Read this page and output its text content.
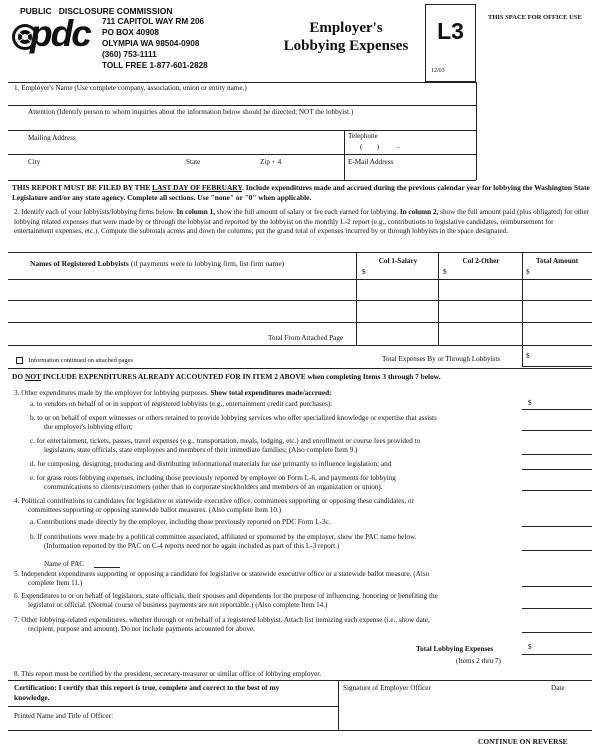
pdc
PUBLIC   DISCLOSURE COMMISSION
711 CAPITOL WAY RM 206
PO BOX 40908
OLYMPIA WA 98504-0908
(360) 753-1111
TOLL FREE 1-877-601-2828
Employer's
Lobbying Expenses
L3
12/03
THIS SPACE FOR OFFICE USE
1. Employer's Name (Use complete company, association, union or entity name.)
Attention (Identify person to whom inquiries about the information below should be directed; NOT the lobbyist.)
Mailing Address	Telephone
(        )          -
City	State	Zip + 4	E-Mail Address
THIS REPORT MUST BE FILED BY THE LAST DAY OF FEBRUARY. Include expenditures made and accrued during the previous calendar year for lobbying the Washington State Legislature and/or any state agency. Complete all sections. Use "none" or "0" when applicable.
2. Identify each of your lobbyists/lobbying firms below. In column 1, show the full amount of salary or fee each earned for lobbying. In column 2, show the full amount paid (plus obligated) for other lobbying related expenses that were made by or through the lobbyist and reported by the lobbyist on the monthly L-2 report (e.g., contributions to legislative candidates, reimbursement for entertainment expenses, etc.). Compute the subtotals across and down the columns; put the grand total of expenses incurred by or through lobbyists in the space designated.
Names of Registered Lobbyists (if payments were to lobbying firm, list firm name)	Col 1-Salary	Col 2-Other	Total Amount
$	$	$
Total From Attached Page
Information continued on attached pages	Total Expenses By or Through Lobbyists	$
DO NOT INCLUDE EXPENDITURES ALREADY ACCOUNTED FOR IN ITEM 2 ABOVE when completing Items 3 through 7 below.
3. Other expenditures made by the employer for lobbying purposes. Show total expenditures made/accrued:
a. to vendors on behalf of or in support of registered lobbyists (e.g., entertainment credit card purchases);	$
b. to or on behalf of expert witnesses or others retained to provide lobbying services who offer specialized knowledge or expertise that assists
the employer's lobbying effort;
c. for entertainment, tickets, passes, travel expenses (e.g., transportation, meals, lodging, etc.) and enrollment or course fees provided to
legislators, state officials, state employees and members of their immediate families; (Also complete Item 9.)
d. for composing, designing, producing and distributing informational materials for use primarily to influence legislation; and
e. for grass roots lobbying expenses, including those previously reported by employer on Form L-6, and payments for lobbying
communications to clients/customers (other than to corporate stockholders and members of an organization or union).
4. Political contributions to candidates for legislative or statewide executive office, committees supporting or opposing these candidates, or
committees supporting or opposing statewide ballot measures. (Also complete Item 10.)
a. Contributions made directly by the employer, including those previously reported on PDC Form L-3c.
b. If contributions were made by a political committee associated, affiliated or sponsored by the employer, show the PAC name below.
(Information reported by the PAC on C-4 reports need not be again included as part of this L-3 report.)
Name of PAC
5. Independent expenditures supporting or opposing a candidate for legislative or statewide executive office or a statewide ballot measure. (Also
complete Item 11.)
6. Expenditures to or on behalf of legislators, state officials, their spouses and dependents for the purpose of influencing, honoring or benefiting the
legislator or official. (Normal course of business payments are not reportable.) (Also complete Item 14.)
7. Other lobbying-related expenditures, whether through or on behalf of a registered lobbyist. Attach list itemizing each expense (i.e., show date,
recipient, purpose and amount). Do not include payments accounted for above.
Total Lobbying Expenses	$
(Items 2 thru 7)
8. This report must be certified by the president, secretary-treasurer or similar office of lobbying employer.
Certification: I certify that this report is true, complete and correct to the best of my
knowledge.
Signature of Employer Officer	Date
Printed Name and Title of Officer:
CONTINUE ON REVERSE
